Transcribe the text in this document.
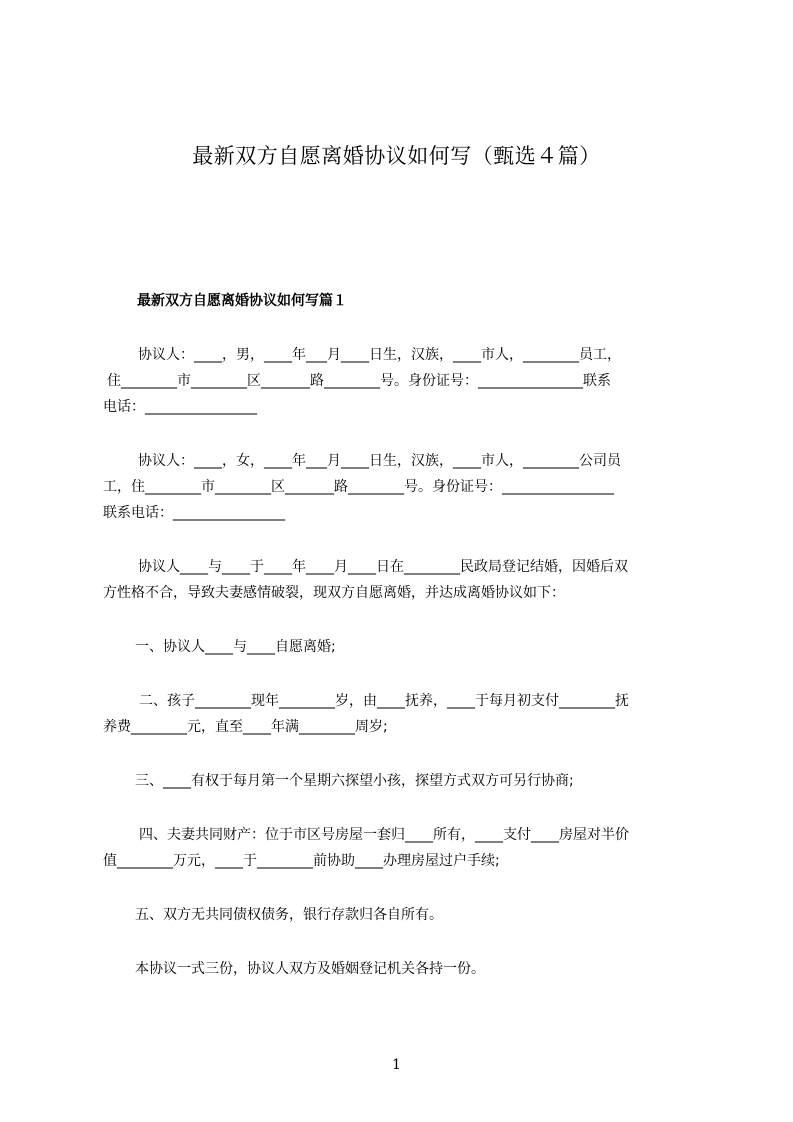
最新双方自愿离婚协议如何写（甄选４篇）
最新双方自愿离婚协议如何写篇１
协议人：____，男，____年___月____日生，汉族，____市人，________员工，
住________市________区_______路________号。身份证号：_______________联系
电话：________________
协议人：____，女，____年___月____日生，汉族，____市人，________公司员
工，住________市________区_______路________号。身份证号：________________
联系电话：________________
协议人____与____于____年____月____日在________民政局登记结婚，因婚后双
方性格不合，导致夫妻感情破裂，现双方自愿离婚，并达成离婚协议如下：
一、协议人____与____自愿离婚;
二、孩子________现年________岁，由____抚养，____于每月初支付________抚
养费________元，直至____年满________周岁;
三、____有权于每月第一个星期六探望小孩，探望方式双方可另行协商;
四、夫妻共同财产：位于市区号房屋一套归____所有，____支付____房屋对半价
值________万元，____于________前协助____办理房屋过户手续;
五、双方无共同债权债务，银行存款归各自所有。
本协议一式三份，协议人双方及婚姻登记机关各持一份。

1
